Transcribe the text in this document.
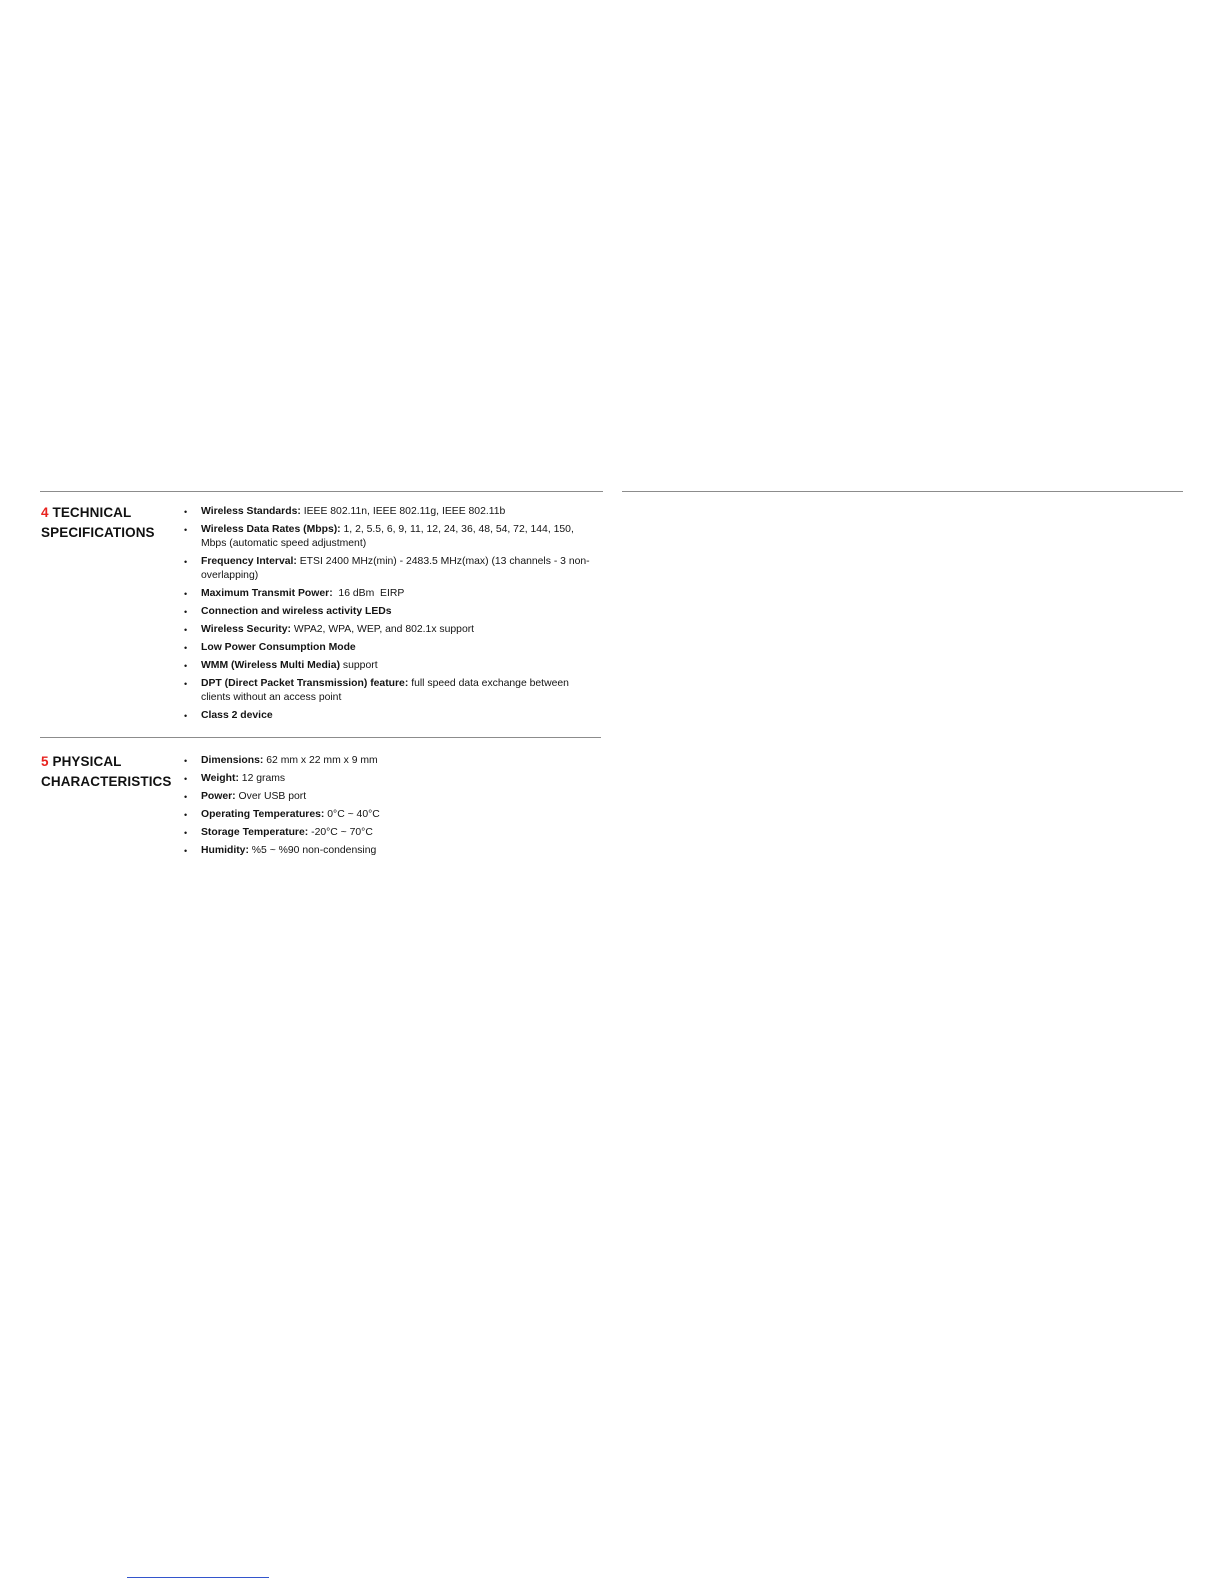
4 TECHNICAL
SPECIFICATIONS
• Wireless Standards: IEEE 802.11n, IEEE 802.11g, IEEE 802.11b
• Wireless Data Rates (Mbps): 1, 2, 5.5, 6, 9, 11, 12, 24, 36, 48, 54, 72, 144, 150, Mbps (automatic speed adjustment)
• Frequency Interval: ETSI 2400 MHz(min) - 2483.5 MHz(max) (13 channels - 3 non-overlapping)
• Maximum Transmit Power:  16 dBm  EIRP
• Connection and wireless activity LEDs
• Wireless Security: WPA2, WPA, WEP, and 802.1x support
• Low Power Consumption Mode
• WMM (Wireless Multi Media) support
• DPT (Direct Packet Transmission) feature: full speed data exchange between clients without an access point
• Class 2 device
5 PHYSICAL
CHARACTERISTICS
• Dimensions: 62 mm x 22 mm x 9 mm
• Weight: 12 grams
• Power: Over USB port
• Operating Temperatures: 0°C ~ 40°C
• Storage Temperature: -20°C ~ 70°C
• Humidity: %5 ~ %90 non-condensing
